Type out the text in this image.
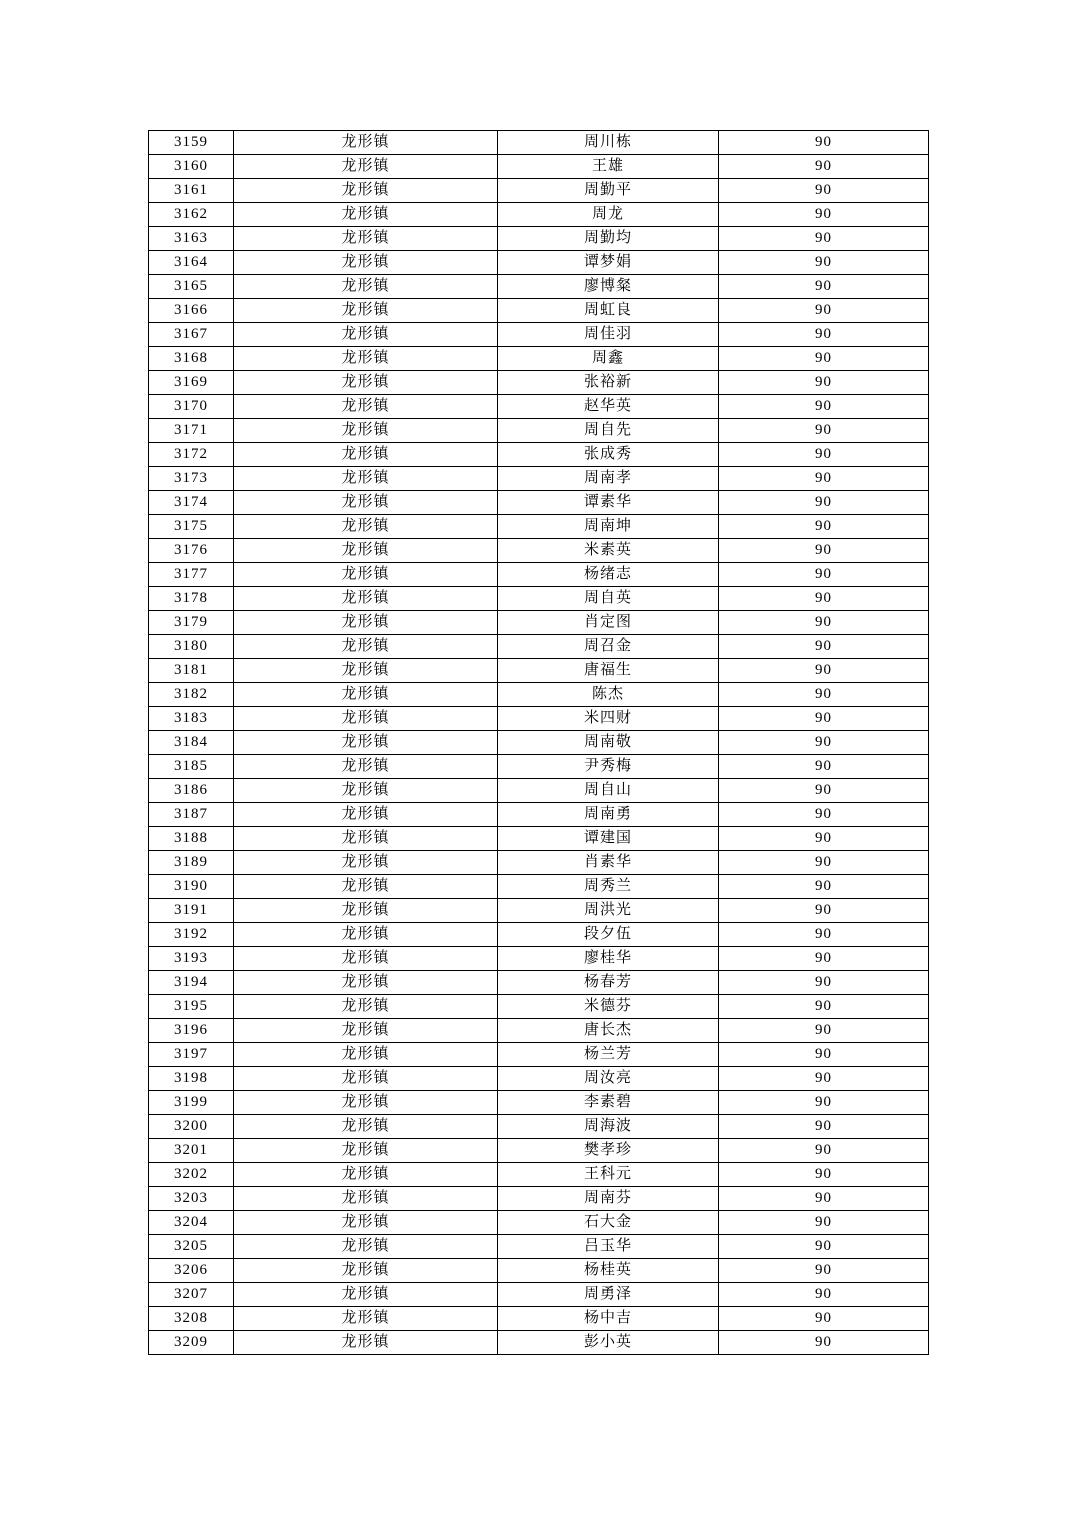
3159	龙形镇	周川栋	90
3160	龙形镇	王雄	90
3161	龙形镇	周勤平	90
3162	龙形镇	周龙	90
3163	龙形镇	周勤均	90
3164	龙形镇	谭梦娟	90
3165	龙形镇	廖博粲	90
3166	龙形镇	周虹良	90
3167	龙形镇	周佳羽	90
3168	龙形镇	周鑫	90
3169	龙形镇	张裕新	90
3170	龙形镇	赵华英	90
3171	龙形镇	周自先	90
3172	龙形镇	张成秀	90
3173	龙形镇	周南孝	90
3174	龙形镇	谭素华	90
3175	龙形镇	周南坤	90
3176	龙形镇	米素英	90
3177	龙形镇	杨绪志	90
3178	龙形镇	周自英	90
3179	龙形镇	肖定图	90
3180	龙形镇	周召金	90
3181	龙形镇	唐福生	90
3182	龙形镇	陈杰	90
3183	龙形镇	米四财	90
3184	龙形镇	周南敬	90
3185	龙形镇	尹秀梅	90
3186	龙形镇	周自山	90
3187	龙形镇	周南勇	90
3188	龙形镇	谭建国	90
3189	龙形镇	肖素华	90
3190	龙形镇	周秀兰	90
3191	龙形镇	周洪光	90
3192	龙形镇	段夕伍	90
3193	龙形镇	廖桂华	90
3194	龙形镇	杨春芳	90
3195	龙形镇	米德芬	90
3196	龙形镇	唐长杰	90
3197	龙形镇	杨兰芳	90
3198	龙形镇	周汝亮	90
3199	龙形镇	李素碧	90
3200	龙形镇	周海波	90
3201	龙形镇	樊孝珍	90
3202	龙形镇	王科元	90
3203	龙形镇	周南芬	90
3204	龙形镇	石大金	90
3205	龙形镇	吕玉华	90
3206	龙形镇	杨桂英	90
3207	龙形镇	周勇泽	90
3208	龙形镇	杨中吉	90
3209	龙形镇	彭小英	90
